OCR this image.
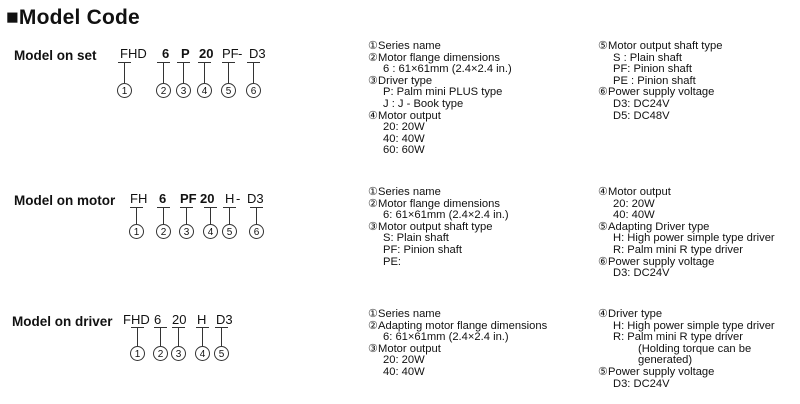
■Model Code
Model on set FHD 6 P 20 PF - D3
1	2	3	4	5	6
①Series name
②Motor flange dimensions
6 : 61×61mm (2.4×2.4 in.)
③Driver type
P: Palm mini PLUS type
J : J - Book type
④Motor output
20: 20W
40: 40W
60: 60W
⑤Motor output shaft type
S : Plain shaft
PF: Pinion shaft
PE : Pinion shaft
⑥Power supply voltage
D3: DC24V
D5: DC48V
Model on motor FH 6 PF 20 H - D3
1	2	3	4	5	6
①Series name
②Motor flange dimensions
6: 61×61mm (2.4×2.4 in.)
③Motor output shaft type
S: Plain shaft
PF: Pinion shaft
PE:
④Motor output
20: 20W
40: 40W
⑤Adapting Driver type
H: High power simple type driver
R: Palm mini R type driver
⑥Power supply voltage
D3: DC24V
Model on driver FHD 6 20 H D3
1	2	3	4	5
①Series name
②Adapting motor flange dimensions
6: 61×61mm (2.4×2.4 in.)
③Motor output
20: 20W
40: 40W
④Driver type
H: High power simple type driver
R: Palm mini R type driver
(Holding torque can be
generated)
⑤Power supply voltage
D3: DC24V
